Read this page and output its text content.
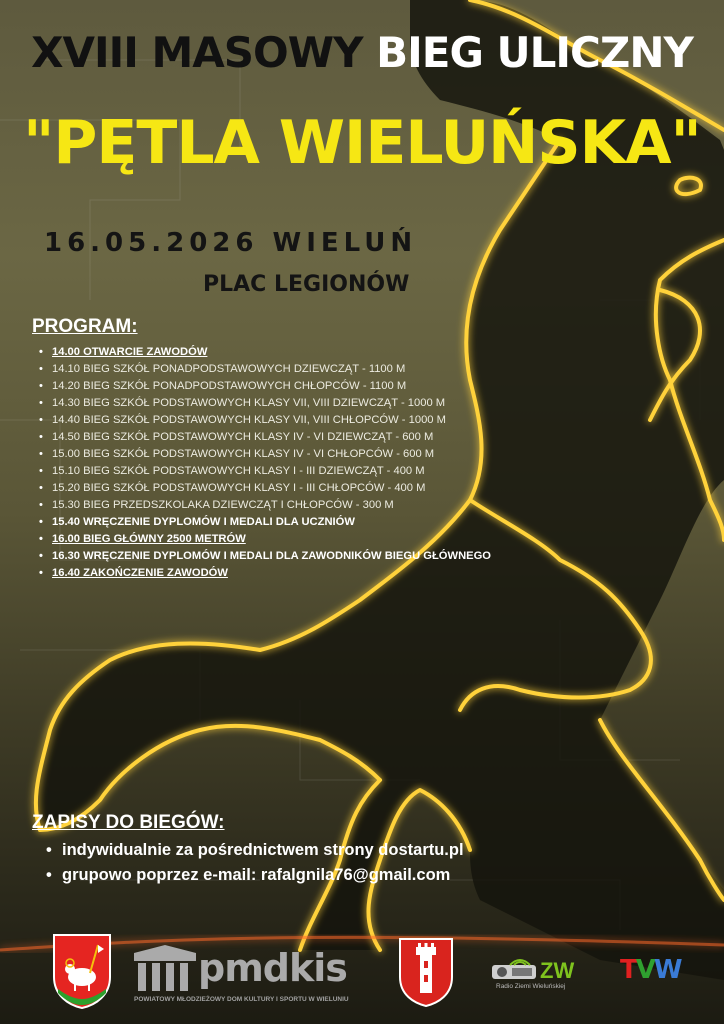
XVIII MASOWY BIEG ULICZNY
"PĘTLA WIELUŃSKA"
16.05.2026 WIELUŃ
PLAC LEGIONÓW
PROGRAM:
• 14.00 OTWARCIE ZAWODÓW
• 14.10 BIEG SZKÓŁ PONADPODSTAWOWYCH DZIEWCZĄT - 1100 M
• 14.20 BIEG SZKÓŁ PONADPODSTAWOWYCH CHŁOPCÓW - 1100 M
• 14.30 BIEG SZKÓŁ PODSTAWOWYCH KLASY VII, VIII DZIEWCZĄT - 1000 M
• 14.40 BIEG SZKÓŁ PODSTAWOWYCH KLASY VII, VIII CHŁOPCÓW - 1000 M
• 14.50 BIEG SZKÓŁ PODSTAWOWYCH KLASY IV - VI DZIEWCZĄT - 600 M
• 15.00 BIEG SZKÓŁ PODSTAWOWYCH KLASY IV - VI CHŁOPCÓW - 600 M
• 15.10 BIEG SZKÓŁ PODSTAWOWYCH KLASY I - III DZIEWCZĄT - 400 M
• 15.20 BIEG SZKÓŁ PODSTAWOWYCH KLASY I - III CHŁOPCÓW - 400 M
• 15.30 BIEG PRZEDSZKOLAKA DZIEWCZĄT I CHŁOPCÓW - 300 M
• 15.40 WRĘCZENIE DYPLOMÓW I MEDALI DLA UCZNIÓW
• 16.00 BIEG GŁÓWNY 2500 METRÓW
• 16.30 WRĘCZENIE DYPLOMÓW I MEDALI DLA ZAWODNIKÓW BIEGU GŁÓWNEGO
• 16.40 ZAKOŃCZENIE ZAWODÓW
ZAPISY DO BIEGÓW:
• indywidualnie za pośrednictwem strony dostartu.pl
• grupowo poprzez e-mail: rafalgnila76@gmail.com
pmdkis
POWIATOWY MŁODZIEŻOWY DOM KULTURY I SPORTU W WIELUNIU
ZW
Radio Ziemi Wieluńskiej
TVW
